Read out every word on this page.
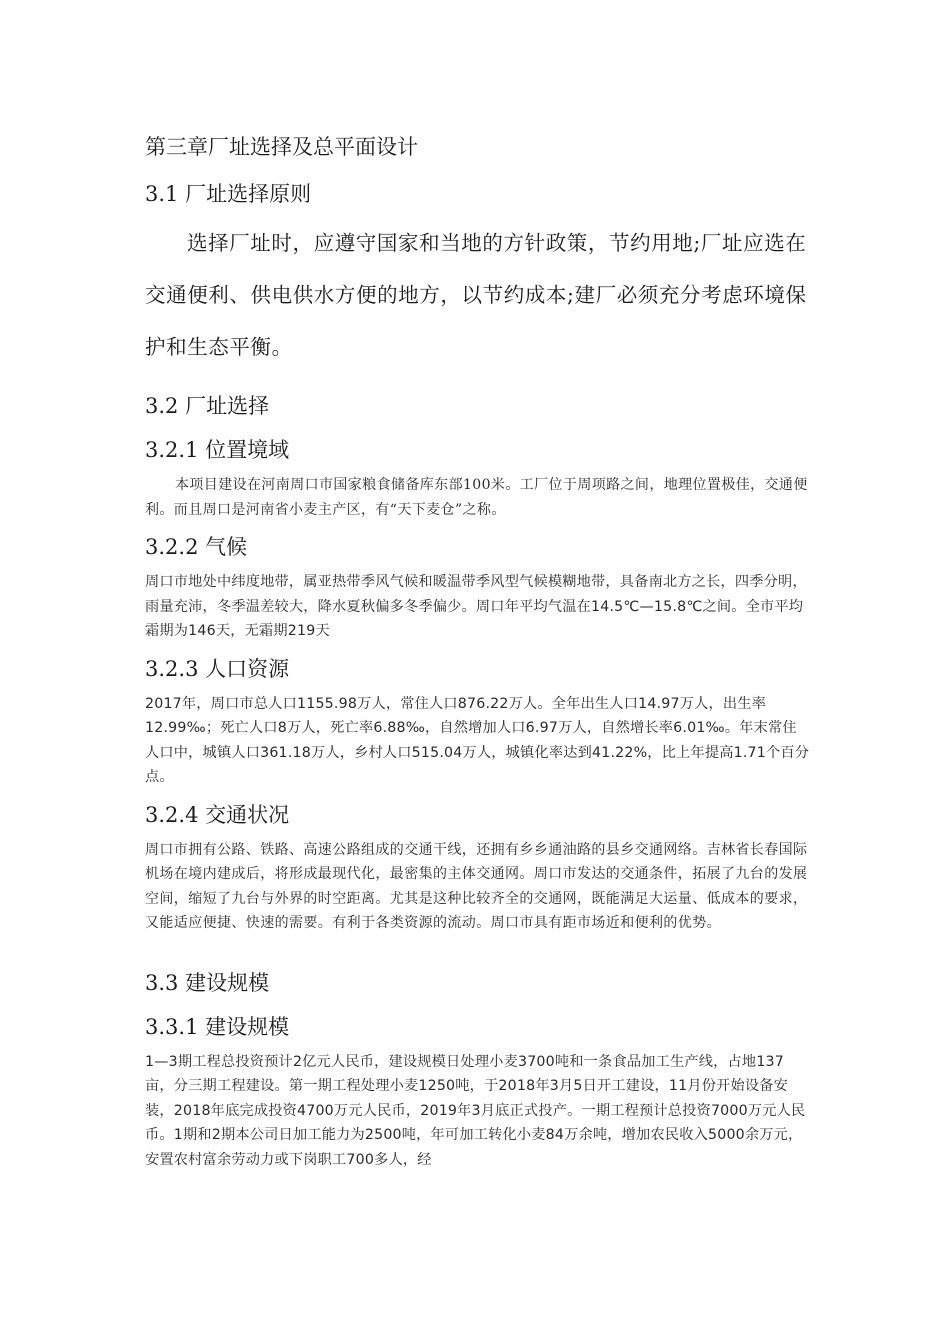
第三章厂址选择及总平面设计
3.1 厂址选择原则

选择厂址时，应遵守国家和当地的方针政策，节约用地;厂址应选在交通便利、供电供水方便的地方，以节约成本;建厂必须充分考虑环境保护和生态平衡。

3.2 厂址选择
3.2.1 位置境域

本项目建设在河南周口市国家粮食储备库东部100米。工厂位于周项路之间，地理位置极佳，交通便利。而且周口是河南省小麦主产区，有“天下麦仓”之称。

3.2.2 气候

周口市地处中纬度地带，属亚热带季风气候和暖温带季风型气候模糊地带，具备南北方之长，四季分明，雨量充沛，冬季温差较大，降水夏秋偏多冬季偏少。周口年平均气温在14.5℃—15.8℃之间。全市平均霜期为146天，无霜期219天

3.2.3 人口资源

2017年，周口市总人口1155.98万人，常住人口876.22万人。全年出生人口14.97万人，出生率12.99‰；死亡人口8万人，死亡率6.88‰，自然增加人口6.97万人，自然增长率6.01‰。年末常住人口中，城镇人口361.18万人，乡村人口515.04万人，城镇化率达到41.22%，比上年提高1.71个百分点。

3.2.4 交通状况

周口市拥有公路、铁路、高速公路组成的交通干线，还拥有乡乡通油路的县乡交通网络。吉林省长春国际机场在境内建成后，将形成最现代化，最密集的主体交通网。周口市发达的交通条件，拓展了九台的发展空间，缩短了九台与外界的时空距离。尤其是这种比较齐全的交通网，既能满足大运量、低成本的要求，又能适应便捷、快速的需要。有利于各类资源的流动。周口市具有距市场近和便利的优势。

3.3 建设规模
3.3.1 建设规模

1—3期工程总投资预计2亿元人民币，建设规模日处理小麦3700吨和一条食品加工生产线，占地137亩，分三期工程建设。第一期工程处理小麦1250吨，于2018年3月5日开工建设，11月份开始设备安装，2018年底完成投资4700万元人民币，2019年3月底正式投产。一期工程预计总投资7000万元人民币。1期和2期本公司日加工能力为2500吨，年可加工转化小麦84万余吨，增加农民收入5000余万元，安置农村富余劳动力或下岗职工700多人，经
